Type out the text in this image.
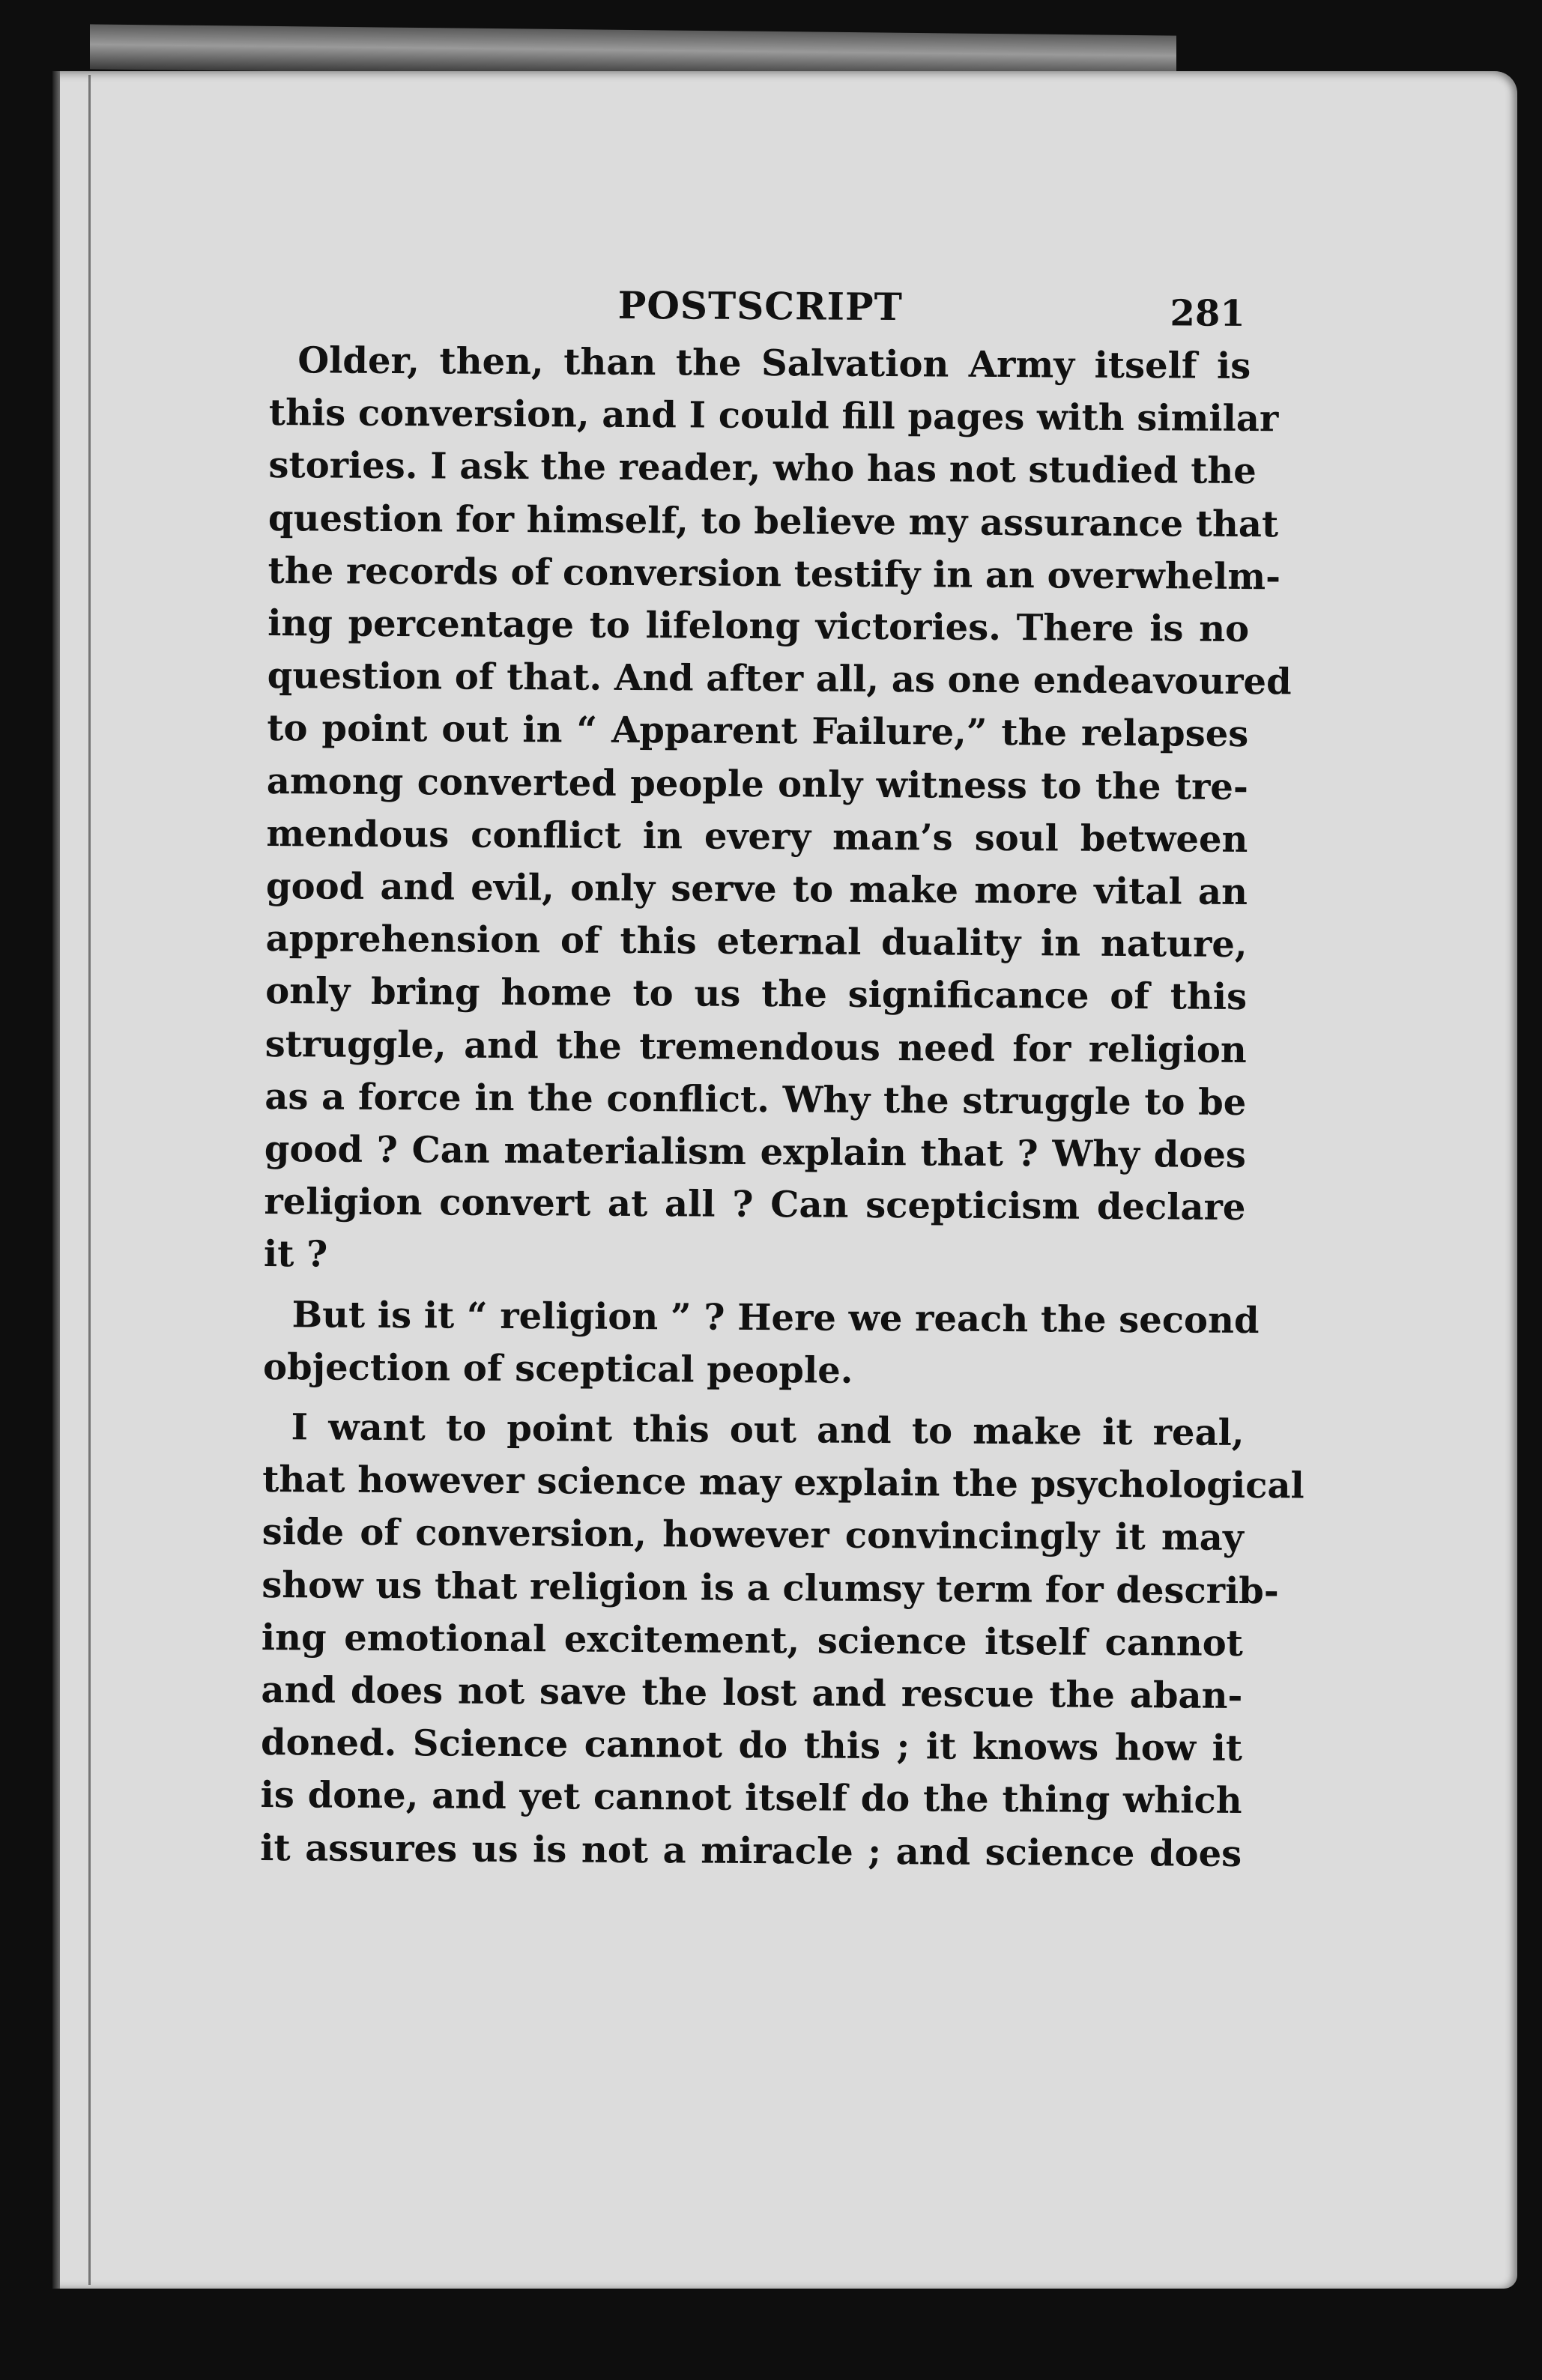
POSTSCRIPT	281
Older, then, than the Salvation Army itself is
this conversion, and I could fill pages with similar
stories. I ask the reader, who has not studied the
question for himself, to believe my assurance that
the records of conversion testify in an overwhelm-
ing percentage to lifelong victories. There is no
question of that. And after all, as one endeavoured
to point out in “ Apparent Failure,” the relapses
among converted people only witness to the tre-
mendous conflict in every man’s soul between
good and evil, only serve to make more vital an
apprehension of this eternal duality in nature,
only bring home to us the significance of this
struggle, and the tremendous need for religion
as a force in the conflict. Why the struggle to be
good ? Can materialism explain that ? Why does
religion convert at all ? Can scepticism declare
it ?
But is it “ religion ” ? Here we reach the second
objection of sceptical people.
I want to point this out and to make it real,
that however science may explain the psychological
side of conversion, however convincingly it may
show us that religion is a clumsy term for describ-
ing emotional excitement, science itself cannot
and does not save the lost and rescue the aban-
doned. Science cannot do this ; it knows how it
is done, and yet cannot itself do the thing which
it assures us is not a miracle ; and science does
